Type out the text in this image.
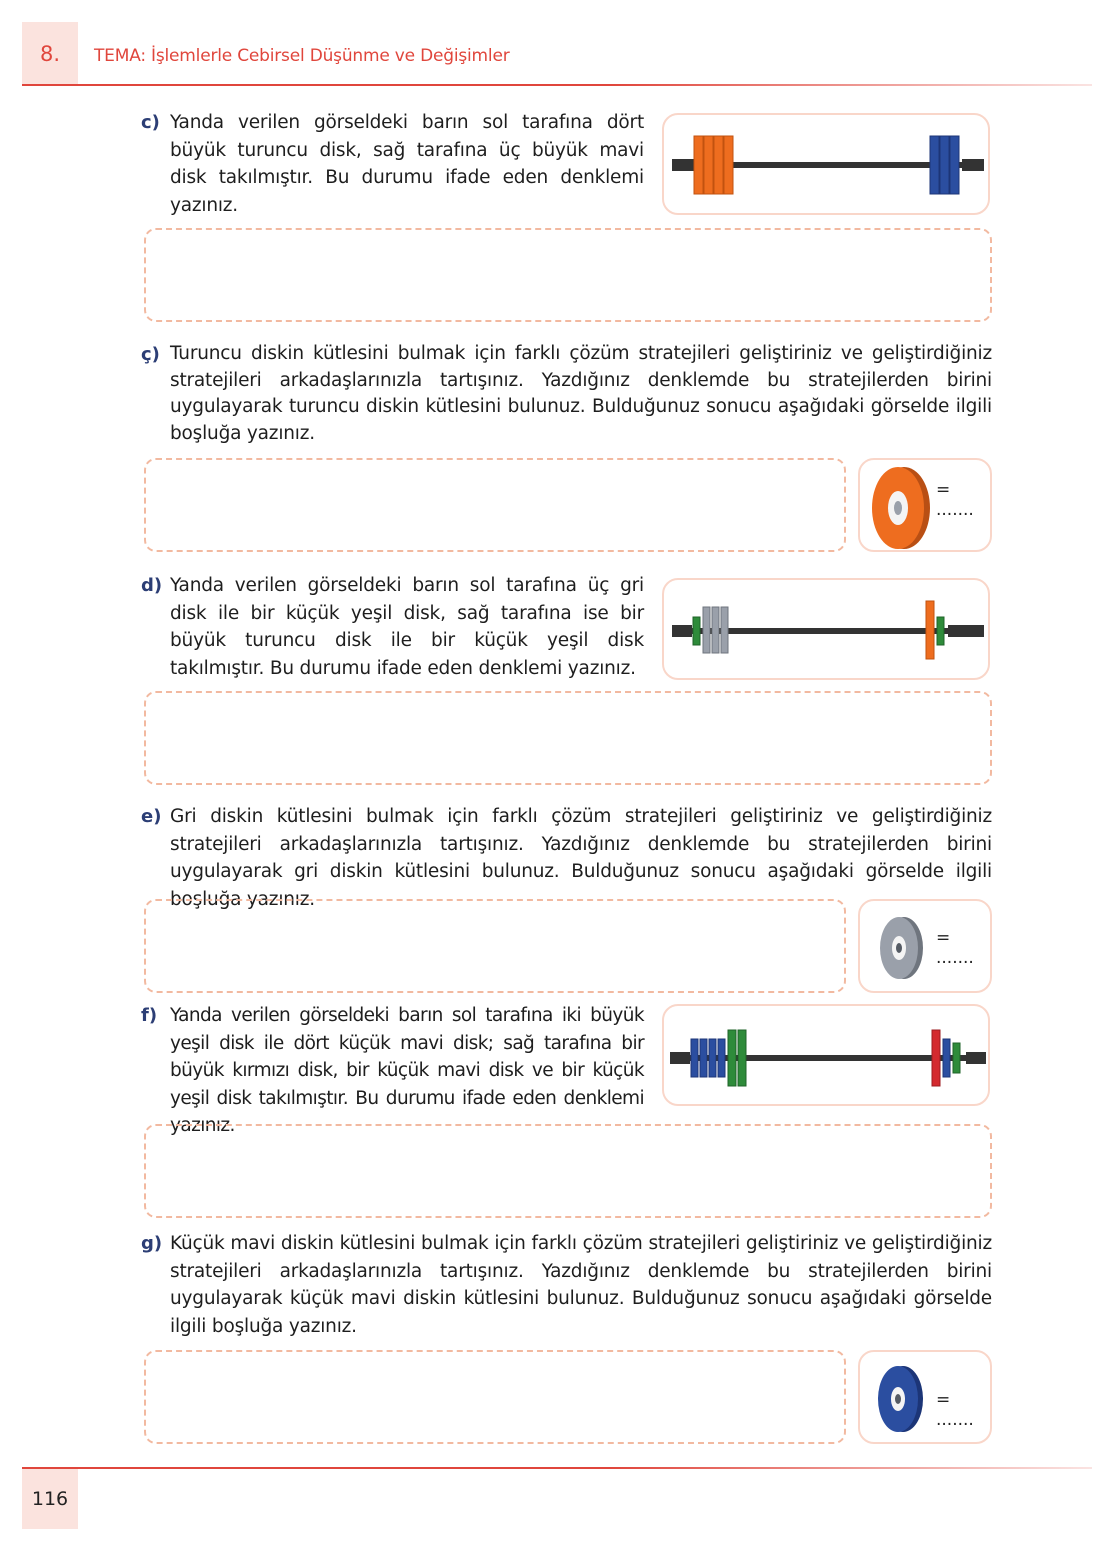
8. TEMA: İşlemlerle Cebirsel Düşünme ve Değişimler
c) Yanda verilen görseldeki barın sol tarafına dört büyük turuncu disk, sağ tarafına üç büyük mavi disk takılmıştır. Bu durumu ifade eden denklemi yazınız.
ç) Turuncu diskin kütlesini bulmak için farklı çözüm stratejileri geliştiriniz ve geliştirdiğiniz stratejileri arkadaşlarınızla tartışınız. Yazdığınız denklemde bu stratejilerden birini uygulayarak turuncu diskin kütlesini bulunuz. Bulduğunuz sonucu aşağıdaki görselde ilgili boşluğa yazınız.
= .......
d) Yanda verilen görseldeki barın sol tarafına üç gri disk ile bir küçük yeşil disk, sağ tarafına ise bir büyük turuncu disk ile bir küçük yeşil disk takılmıştır. Bu durumu ifade eden denklemi yazınız.
e) Gri diskin kütlesini bulmak için farklı çözüm stratejileri geliştiriniz ve geliştirdiğiniz stratejileri arkadaşlarınızla tartışınız. Yazdığınız denklemde bu stratejilerden birini uygulayarak gri diskin kütlesini bulunuz. Bulduğunuz sonucu aşağıdaki görselde ilgili boşluğa yazınız.
= .......
f) Yanda verilen görseldeki barın sol tarafına iki büyük yeşil disk ile dört küçük mavi disk; sağ tarafına bir büyük kırmızı disk, bir küçük mavi disk ve bir küçük yeşil disk takılmıştır. Bu durumu ifade eden denklemi yazınız.
g) Küçük mavi diskin kütlesini bulmak için farklı çözüm stratejileri geliştiriniz ve geliştirdiğiniz stratejileri arkadaşlarınızla tartışınız. Yazdığınız denklemde bu stratejilerden birini uygulayarak küçük mavi diskin kütlesini bulunuz. Bulduğunuz sonucu aşağıdaki görselde ilgili boşluğa yazınız.
= .......
116
